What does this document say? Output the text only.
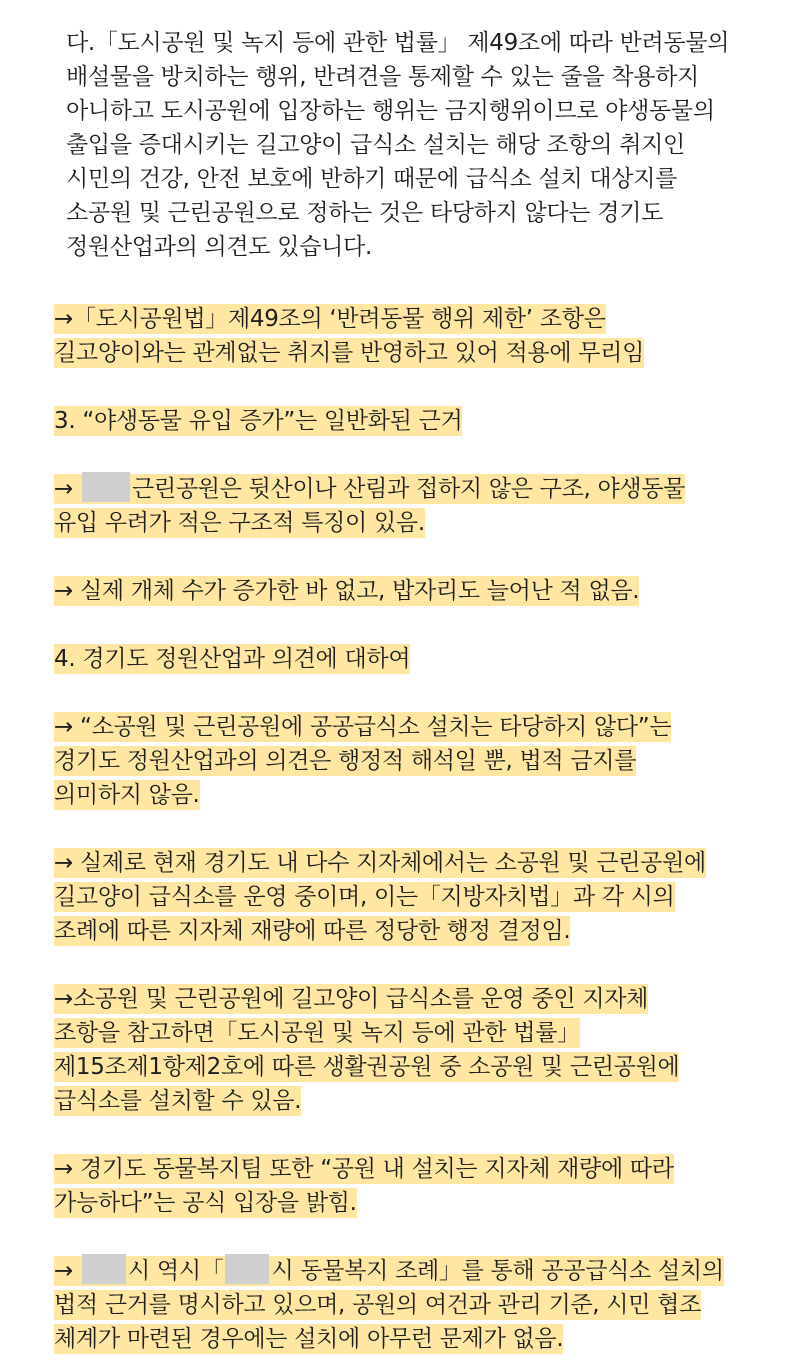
다.「도시공원 및 녹지 등에 관한 법률」 제49조에 따라 반려동물의
배설물을 방치하는 행위, 반려견을 통제할 수 있는 줄을 착용하지
아니하고 도시공원에 입장하는 행위는 금지행위이므로 야생동물의
출입을 증대시키는 길고양이 급식소 설치는 해당 조항의 취지인
시민의 건강, 안전 보호에 반하기 때문에 급식소 설치 대상지를
소공원 및 근린공원으로 정하는 것은 타당하지 않다는 경기도
정원산업과의 의견도 있습니다.

→「도시공원법」제49조의 ‘반려동물 행위 제한’ 조항은
길고양이와는 관계없는 취지를 반영하고 있어 적용에 무리임

3. “야생동물 유입 증가”는 일반화된 근거

→ 근린공원은 뒷산이나 산림과 접하지 않은 구조, 야생동물
유입 우려가 적은 구조적 특징이 있음.

→ 실제 개체 수가 증가한 바 없고, 밥자리도 늘어난 적 없음.

4. 경기도 정원산업과 의견에 대하여

→ “소공원 및 근린공원에 공공급식소 설치는 타당하지 않다”는
경기도 정원산업과의 의견은 행정적 해석일 뿐, 법적 금지를
의미하지 않음.

→ 실제로 현재 경기도 내 다수 지자체에서는 소공원 및 근린공원에
길고양이 급식소를 운영 중이며, 이는「지방자치법」과 각 시의
조례에 따른 지자체 재량에 따른 정당한 행정 결정임.

→소공원 및 근린공원에 길고양이 급식소를 운영 중인 지자체
조항을 참고하면「도시공원 및 녹지 등에 관한 법률」
제15조제1항제2호에 따른 생활권공원 중 소공원 및 근린공원에
급식소를 설치할 수 있음.

→ 경기도 동물복지팀 또한 “공원 내 설치는 지자체 재량에 따라
가능하다”는 공식 입장을 밝힘.

→ 시 역시「 시 동물복지 조례」를 통해 공공급식소 설치의
법적 근거를 명시하고 있으며, 공원의 여건과 관리 기준, 시민 협조
체계가 마련된 경우에는 설치에 아무런 문제가 없음.
